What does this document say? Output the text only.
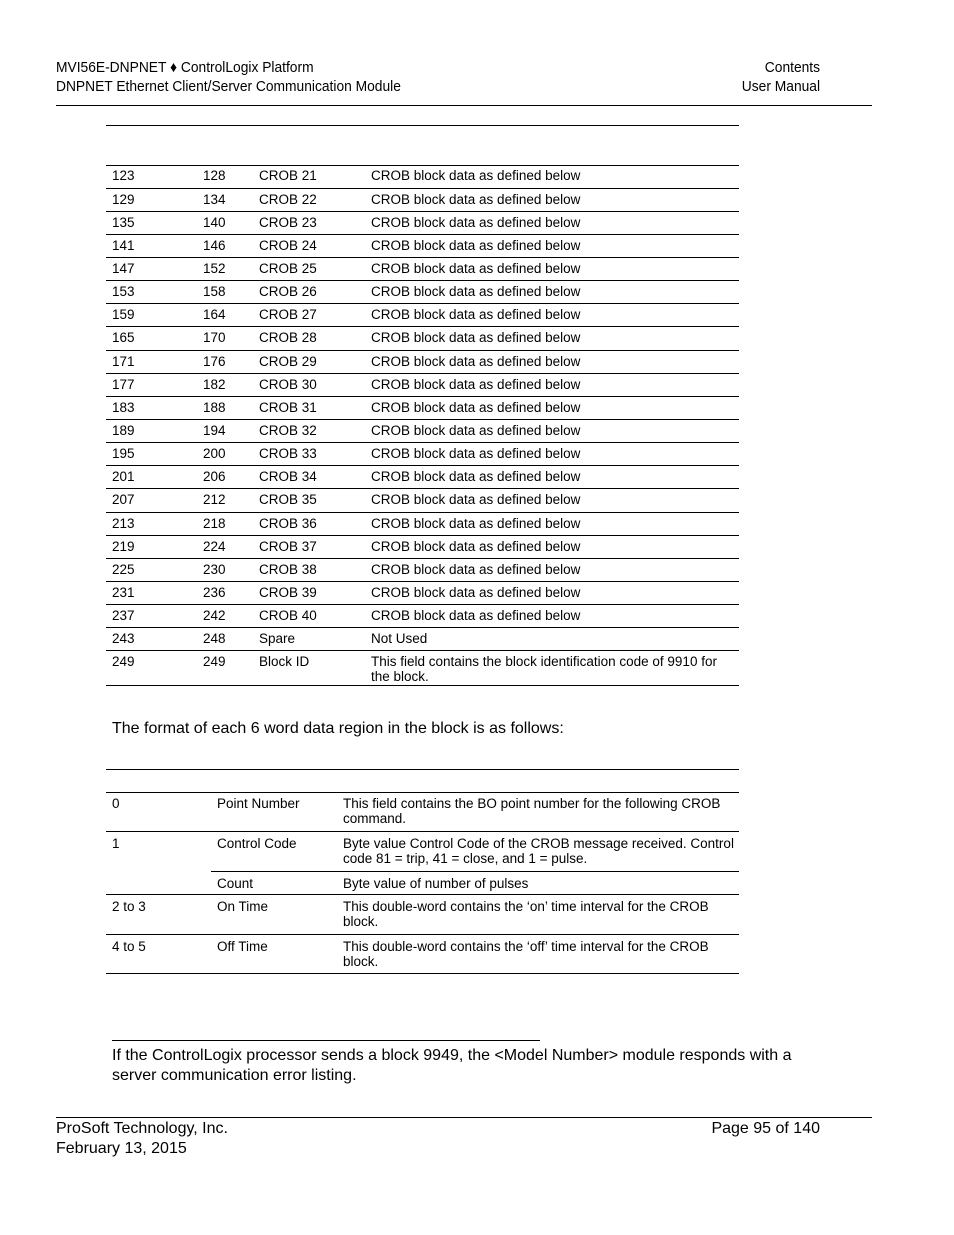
MVI56E-DNPNET ♦ ControlLogix Platform
DNPNET Ethernet Client/Server Communication Module
Contents
User Manual
123	128	CROB 21	CROB block data as defined below
129	134	CROB 22	CROB block data as defined below
135	140	CROB 23	CROB block data as defined below
141	146	CROB 24	CROB block data as defined below
147	152	CROB 25	CROB block data as defined below
153	158	CROB 26	CROB block data as defined below
159	164	CROB 27	CROB block data as defined below
165	170	CROB 28	CROB block data as defined below
171	176	CROB 29	CROB block data as defined below
177	182	CROB 30	CROB block data as defined below
183	188	CROB 31	CROB block data as defined below
189	194	CROB 32	CROB block data as defined below
195	200	CROB 33	CROB block data as defined below
201	206	CROB 34	CROB block data as defined below
207	212	CROB 35	CROB block data as defined below
213	218	CROB 36	CROB block data as defined below
219	224	CROB 37	CROB block data as defined below
225	230	CROB 38	CROB block data as defined below
231	236	CROB 39	CROB block data as defined below
237	242	CROB 40	CROB block data as defined below
243	248	Spare	Not Used
249	249	Block ID	This field contains the block identification code of 9910 for the block.
The format of each 6 word data region in the block is as follows:
0	Point Number	This field contains the BO point number for the following CROB command.
1	Control Code	Byte value Control Code of the CROB message received. Control code 81 = trip, 41 = close, and 1 = pulse.
	Count	Byte value of number of pulses
2 to 3	On Time	This double-word contains the ‘on’ time interval for the CROB block.
4 to 5	Off Time	This double-word contains the ‘off’ time interval for the CROB block.
If the ControlLogix processor sends a block 9949, the <Model Number> module responds with a server communication error listing.
ProSoft Technology, Inc.
February 13, 2015
Page 95 of 140
